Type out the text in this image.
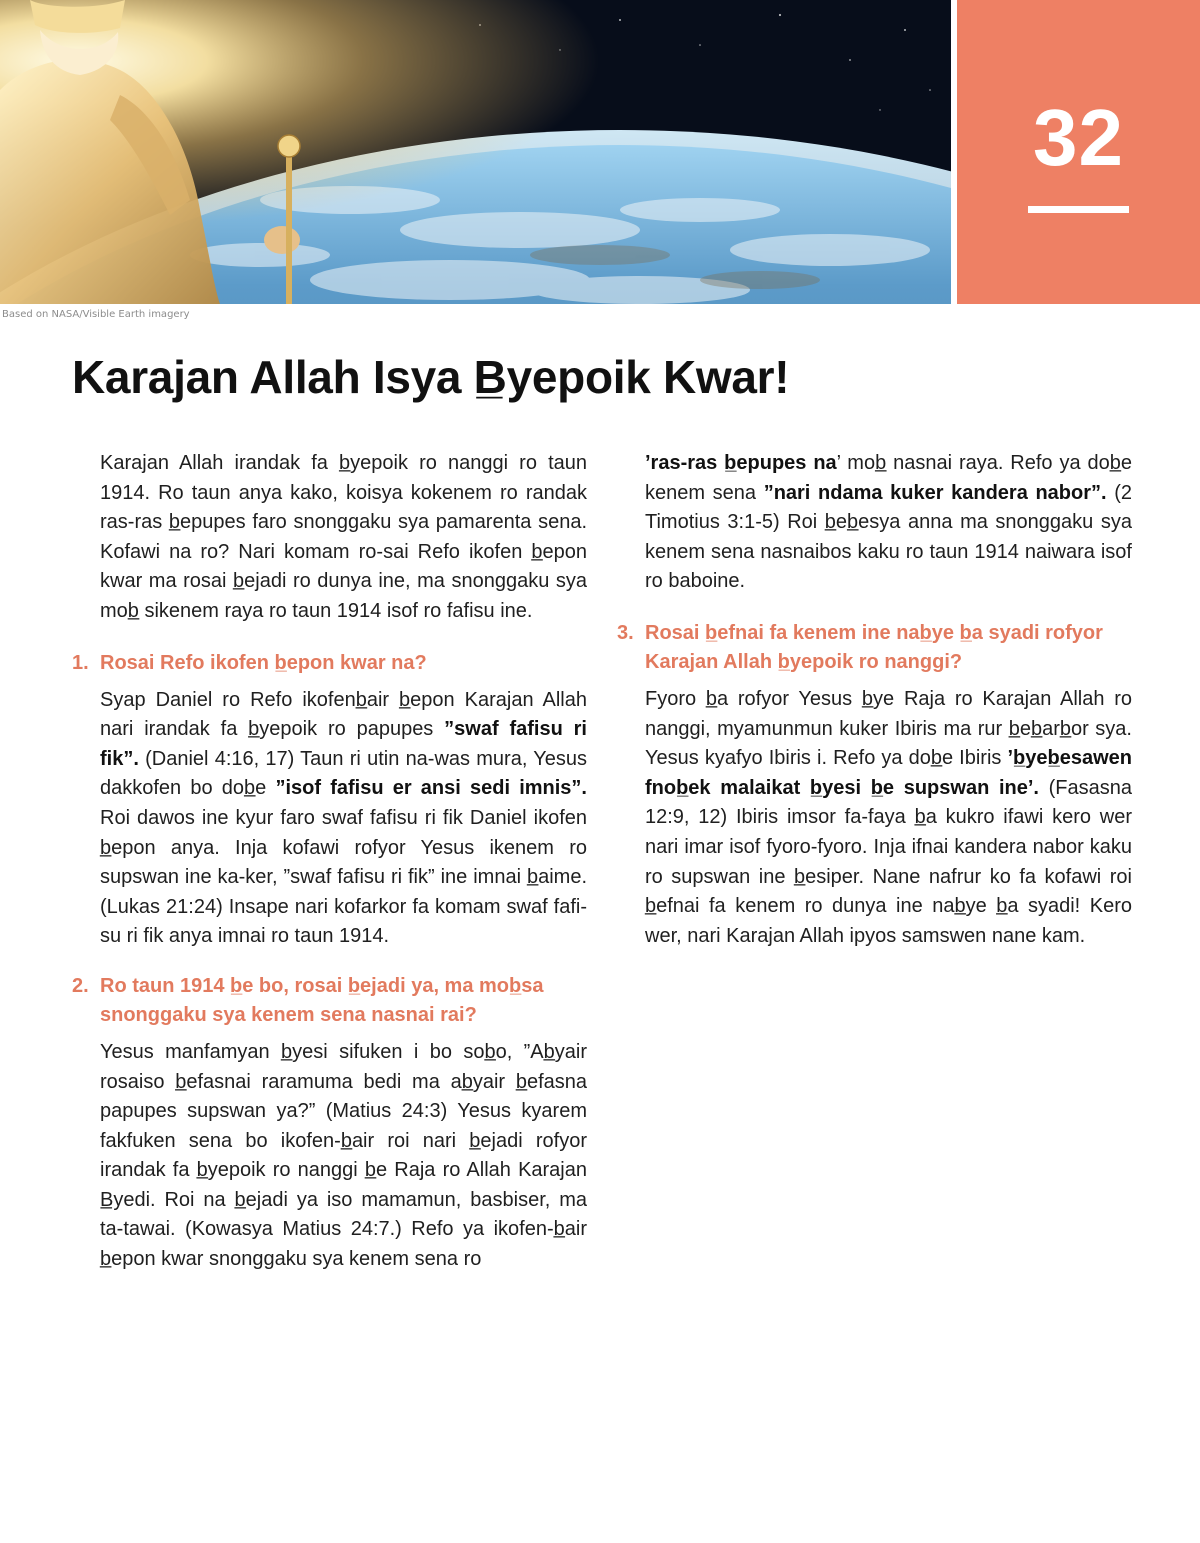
32
Based on NASA/Visible Earth imagery
Karajan Allah Isya B̲yepoik Kwar!

Karajan Allah irandak fa b̲yepoik ro nanggi ro taun 1914. Ro taun anya kako, koisya kokenem ro randak ras-ras b̲epupes faro snonggaku sya pamarenta sena. Kofawi na ro? Nari komam ro-sai Refo ikofen b̲epon kwar ma rosai b̲ejadi ro dunya ine, ma snonggaku sya mob̲ sikenem raya ro taun 1914 isof ro fafisu ine.

1. Rosai Refo ikofen b̲epon kwar na?

Syap Daniel ro Refo ikofenb̲air b̲epon Karajan Allah nari irandak fa b̲yepoik ro papupes ”swaf fafisu ri fik”. (Daniel 4:16, 17) Taun ri utin na-was mura, Yesus dakkofen bo dob̲e ”isof fafisu er ansi sedi imnis”. Roi dawos ine kyur faro swaf fafisu ri fik Daniel ikofen b̲epon anya. Inja kofawi rofyor Yesus ikenem ro supswan ine ka-ker, ”swaf fafisu ri fik” ine imnai b̲aime. (Lukas 21:24) Insape nari kofarkor fa komam swaf fafi-su ri fik anya imnai ro taun 1914.

2. Ro taun 1914 b̲e bo, rosai b̲ejadi ya, ma mob̲sa snonggaku sya kenem sena nasnai rai?

Yesus manfamyan b̲yesi sifuken i bo sob̲o, ”Ab̲yair rosaiso b̲efasnai raramuma bedi ma ab̲yair b̲efasna papupes supswan ya?” (Matius 24:3) Yesus kyarem fakfuken sena bo ikofen-b̲air roi nari b̲ejadi rofyor irandak fa b̲yepoik ro nanggi b̲e Raja ro Allah Karajan B̲yedi. Roi na b̲ejadi ya iso mamamun, basbiser, ma ta-tawai. (Kowasya Matius 24:7.) Refo ya ikofen-b̲air b̲epon kwar snonggaku sya kenem sena ro

’ras-ras b̲epupes na’ mob̲ nasnai raya. Refo ya dob̲e kenem sena ”nari ndama kuker kandera nabor”. (2 Timotius 3:1-5) Roi b̲eb̲esya anna ma snonggaku sya kenem sena nasnaibos kaku ro taun 1914 naiwara isof ro baboine.

3. Rosai b̲efnai fa kenem ine nab̲ye b̲a syadi rofyor Karajan Allah b̲yepoik ro nanggi?

Fyoro b̲a rofyor Yesus b̲ye Raja ro Karajan Allah ro nanggi, myamunmun kuker Ibiris ma rur b̲eb̲arb̲or sya. Yesus kyafyo Ibiris i. Refo ya dob̲e Ibiris ’b̲yeb̲esawen fnob̲ek malaikat b̲yesi b̲e supswan ine’. (Fasasna 12:9, 12) Ibiris imsor fa-faya b̲a kukro ifawi kero wer nari imar isof fyoro-fyoro. Inja ifnai kandera nabor kaku ro supswan ine b̲esiper. Nane nafrur ko fa kofawi roi b̲efnai fa kenem ro dunya ine nab̲ye b̲a syadi! Kero wer, nari Karajan Allah ipyos samswen nane kam.
